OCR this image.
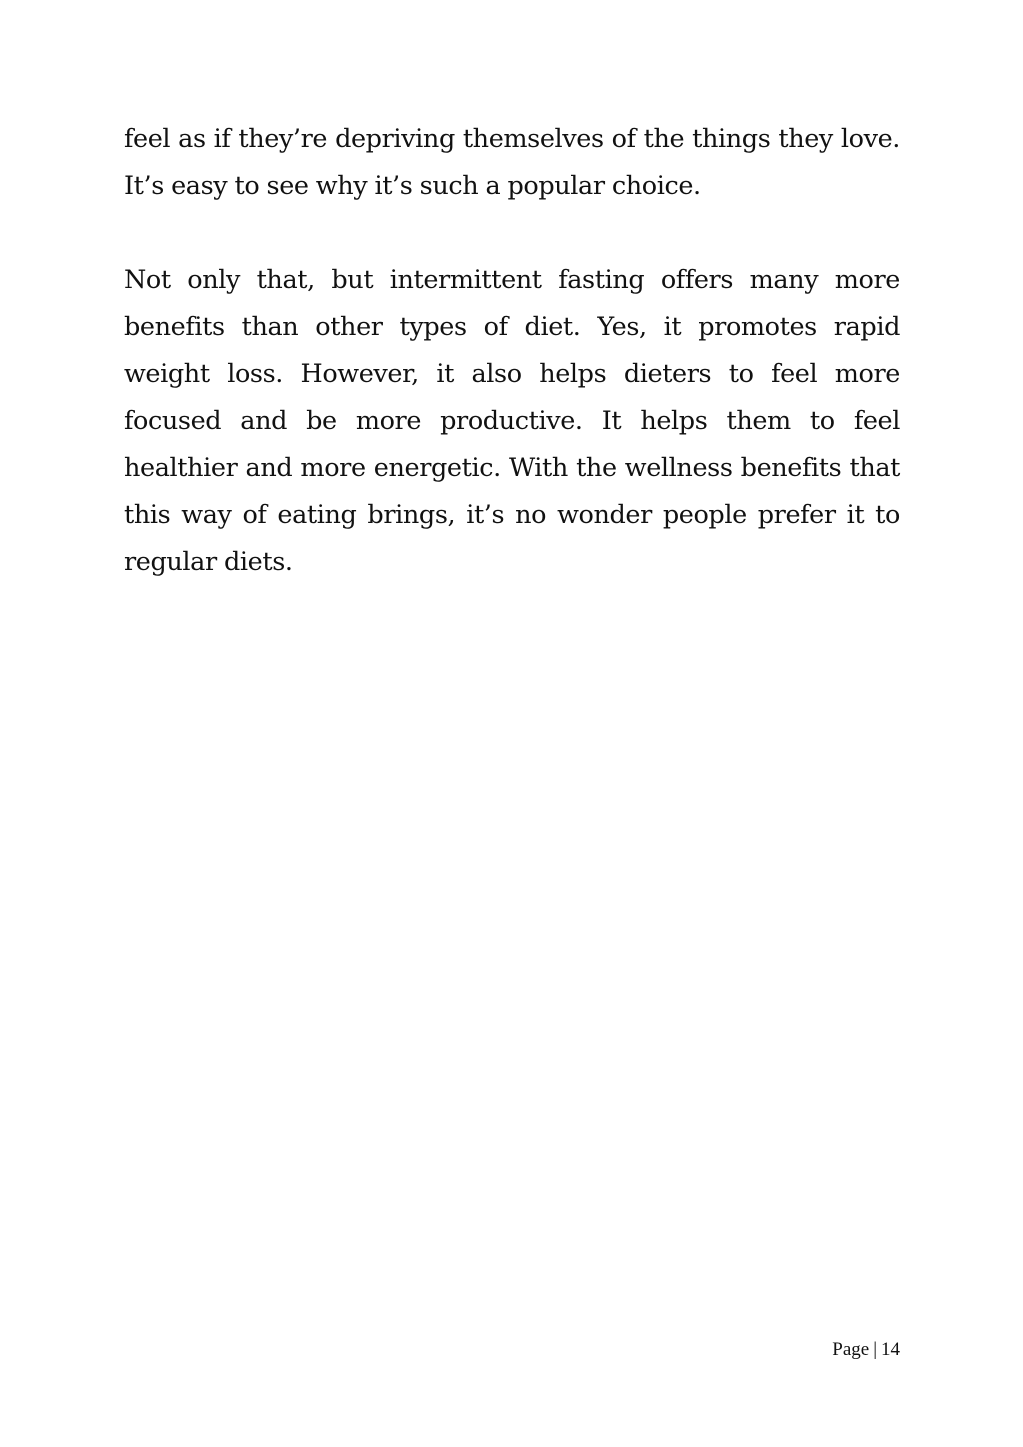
feel as if they’re depriving themselves of the things they love. It’s easy to see why it’s such a popular choice.

Not only that, but intermittent fasting offers many more benefits than other types of diet. Yes, it promotes rapid weight loss. However, it also helps dieters to feel more focused and be more productive. It helps them to feel healthier and more energetic. With the wellness benefits that this way of eating brings, it’s no wonder people prefer it to regular diets.

Page | 14
